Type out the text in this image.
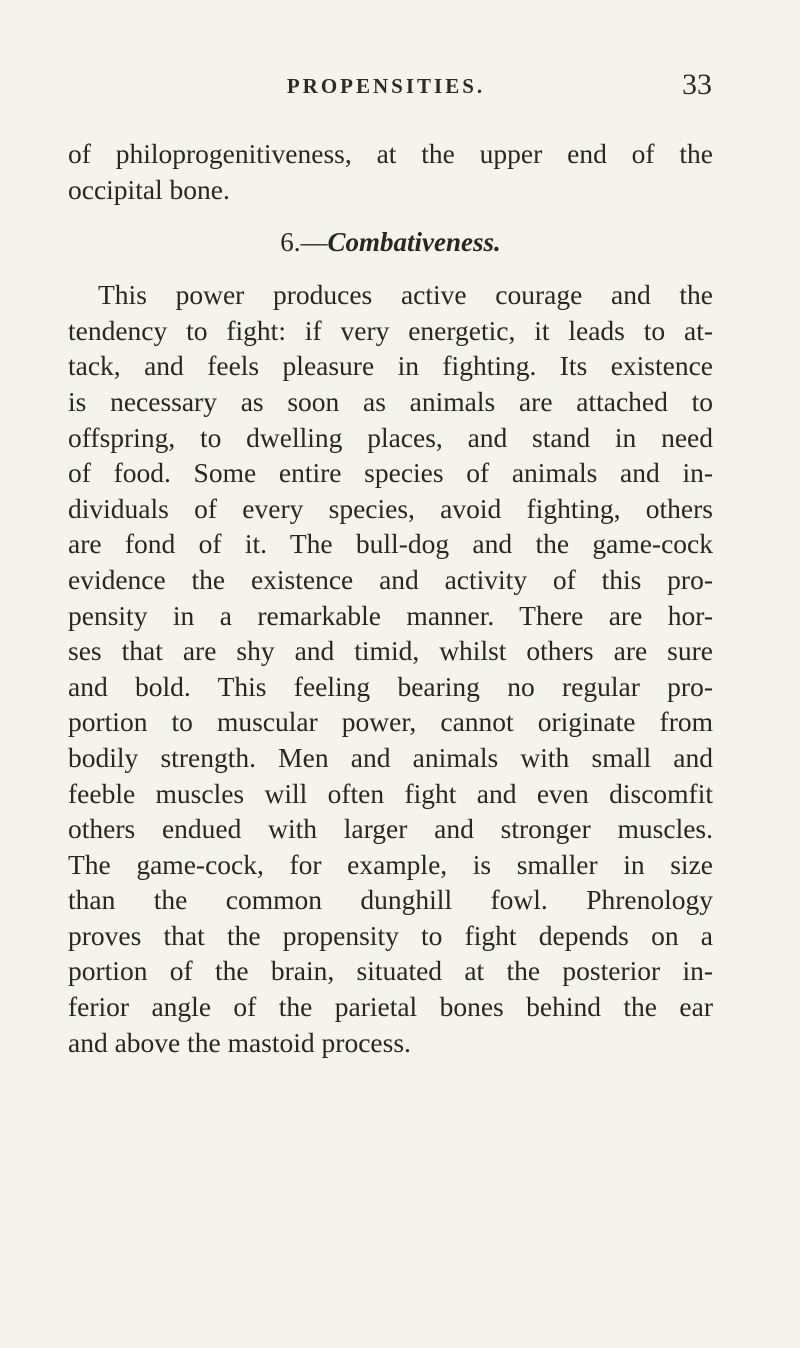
PROPENSITIES.	33
of philoprogenitiveness, at the upper end of the
occipital bone.
6.—Combativeness.
This power produces active courage and the
tendency to fight: if very energetic, it leads to at-
tack, and feels pleasure in fighting. Its existence
is necessary as soon as animals are attached to
offspring, to dwelling places, and stand in need
of food. Some entire species of animals and in-
dividuals of every species, avoid fighting, others
are fond of it. The bull-dog and the game-cock
evidence the existence and activity of this pro-
pensity in a remarkable manner. There are hor-
ses that are shy and timid, whilst others are sure
and bold. This feeling bearing no regular pro-
portion to muscular power, cannot originate from
bodily strength. Men and animals with small and
feeble muscles will often fight and even discomfit
others endued with larger and stronger muscles.
The game-cock, for example, is smaller in size
than the common dunghill fowl. Phrenology
proves that the propensity to fight depends on a
portion of the brain, situated at the posterior in-
ferior angle of the parietal bones behind the ear
and above the mastoid process.
